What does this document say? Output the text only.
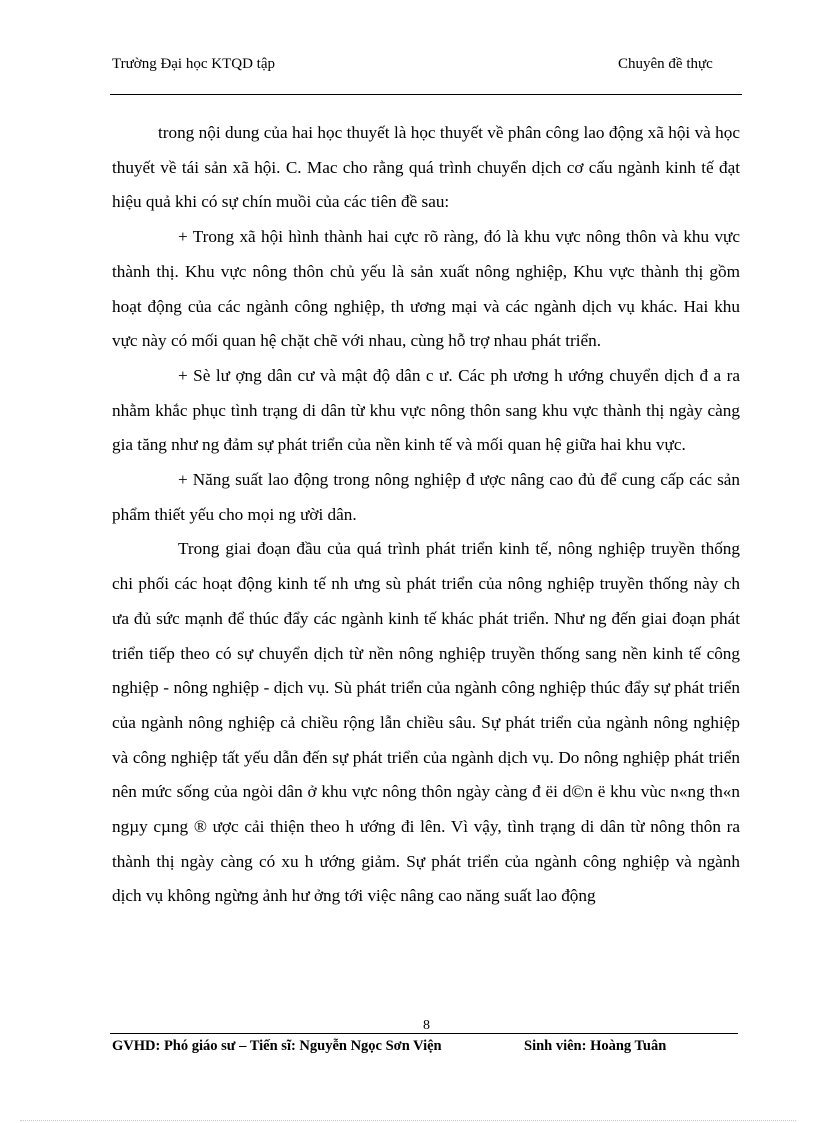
Trường Đại học KTQD tập	Chuyên đề thực

trong nội dung của hai học thuyết là học thuyết về phân công lao động xã hội và học thuyết về tái sản xã hội. C. Mac cho rằng quá trình chuyển dịch cơ cấu ngành kinh tế đạt hiệu quả khi có sự chín muồi của các tiên đề sau:

+ Trong xã hội hình thành hai cực rõ ràng, đó là khu vực nông thôn và khu vực thành thị. Khu vực nông thôn chủ yếu là sản xuất nông nghiệp, Khu vực thành thị gồm hoạt động của các ngành công nghiệp, th ương mại và các ngành dịch vụ khác. Hai khu vực này có mối quan hệ chặt chẽ với nhau, cùng hỗ trợ nhau phát triển.

+ Sè lư ợng dân cư và mật độ dân c ư. Các ph ương h ướng chuyển dịch đ a ra nhằm khắc phục tình trạng di dân từ khu vực nông thôn sang khu vực thành thị ngày càng gia tăng như ng đảm sự phát triển của nền kinh tế và mối quan hệ giữa hai khu vực.

+ Năng suất lao động trong nông nghiệp đ ược nâng cao đủ để cung cấp các sản phẩm thiết yếu cho mọi ng ười dân.

Trong giai đoạn đầu của quá trình phát triển kinh tế, nông nghiệp truyền thống chi phối các hoạt động kinh tế nh ưng sù phát triển của nông nghiệp truyền thống này ch ưa đủ sức mạnh để thúc đẩy các ngành kinh tế khác phát triển. Như ng đến giai đoạn phát triển tiếp theo có sự chuyển dịch từ nền nông nghiệp truyền thống sang nền kinh tế công nghiệp - nông nghiệp - dịch vụ. Sù phát triển của ngành công nghiệp thúc đẩy sự phát triển của ngành nông nghiệp cả chiều rộng lẫn chiều sâu. Sự phát triển của ngành nông nghiệp và công nghiệp tất yếu dẫn đến sự phát triển của ngành dịch vụ. Do nông nghiệp phát triển nên mức sống của ngòi dân ở khu vực nông thôn ngày càng đ ëi d©n ë khu vùc n«ng th«n ngµy cµng ® ược cải thiện theo h ướng đi lên. Vì vậy, tình trạng di dân từ nông thôn ra thành thị ngày càng có xu h ướng giảm. Sự phát triển của ngành công nghiệp và ngành dịch vụ không ngừng ảnh hư ởng tới việc nâng cao năng suất lao động

8
GVHD: Phó giáo sư – Tiến sĩ: Nguyễn Ngọc Sơn Viện	Sinh viên: Hoàng Tuân
